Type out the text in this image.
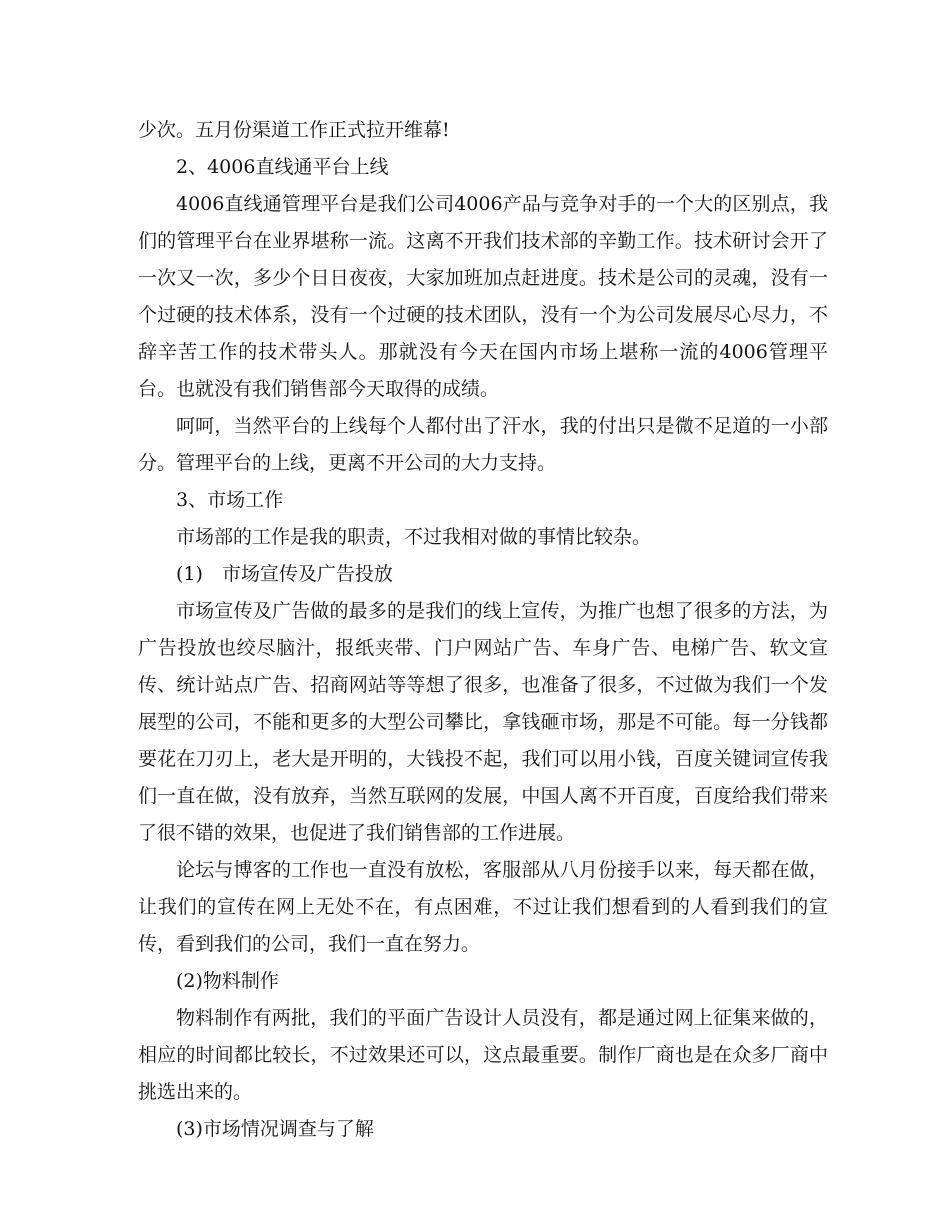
少次。五月份渠道工作正式拉开维幕!

2、4006直线通平台上线

4006直线通管理平台是我们公司4006产品与竞争对手的一个大的区别点，我们的管理平台在业界堪称一流。这离不开我们技术部的辛勤工作。技术研讨会开了一次又一次，多少个日日夜夜，大家加班加点赶进度。技术是公司的灵魂，没有一个过硬的技术体系，没有一个过硬的技术团队，没有一个为公司发展尽心尽力，不辞辛苦工作的技术带头人。那就没有今天在国内市场上堪称一流的4006管理平台。也就没有我们销售部今天取得的成绩。

呵呵，当然平台的上线每个人都付出了汗水，我的付出只是微不足道的一小部分。管理平台的上线，更离不开公司的大力支持。

3、市场工作

市场部的工作是我的职责，不过我相对做的事情比较杂。

(1)　市场宣传及广告投放

市场宣传及广告做的最多的是我们的线上宣传，为推广也想了很多的方法，为广告投放也绞尽脑汁，报纸夹带、门户网站广告、车身广告、电梯广告、软文宣传、统计站点广告、招商网站等等想了很多，也准备了很多，不过做为我们一个发展型的公司，不能和更多的大型公司攀比，拿钱砸市场，那是不可能。每一分钱都要花在刀刃上，老大是开明的，大钱投不起，我们可以用小钱，百度关键词宣传我们一直在做，没有放弃，当然互联网的发展，中国人离不开百度，百度给我们带来了很不错的效果，也促进了我们销售部的工作进展。

论坛与博客的工作也一直没有放松，客服部从八月份接手以来，每天都在做，让我们的宣传在网上无处不在，有点困难，不过让我们想看到的人看到我们的宣传，看到我们的公司，我们一直在努力。

(2)物料制作

物料制作有两批，我们的平面广告设计人员没有，都是通过网上征集来做的，相应的时间都比较长，不过效果还可以，这点最重要。制作厂商也是在众多厂商中挑选出来的。

(3)市场情况调查与了解
